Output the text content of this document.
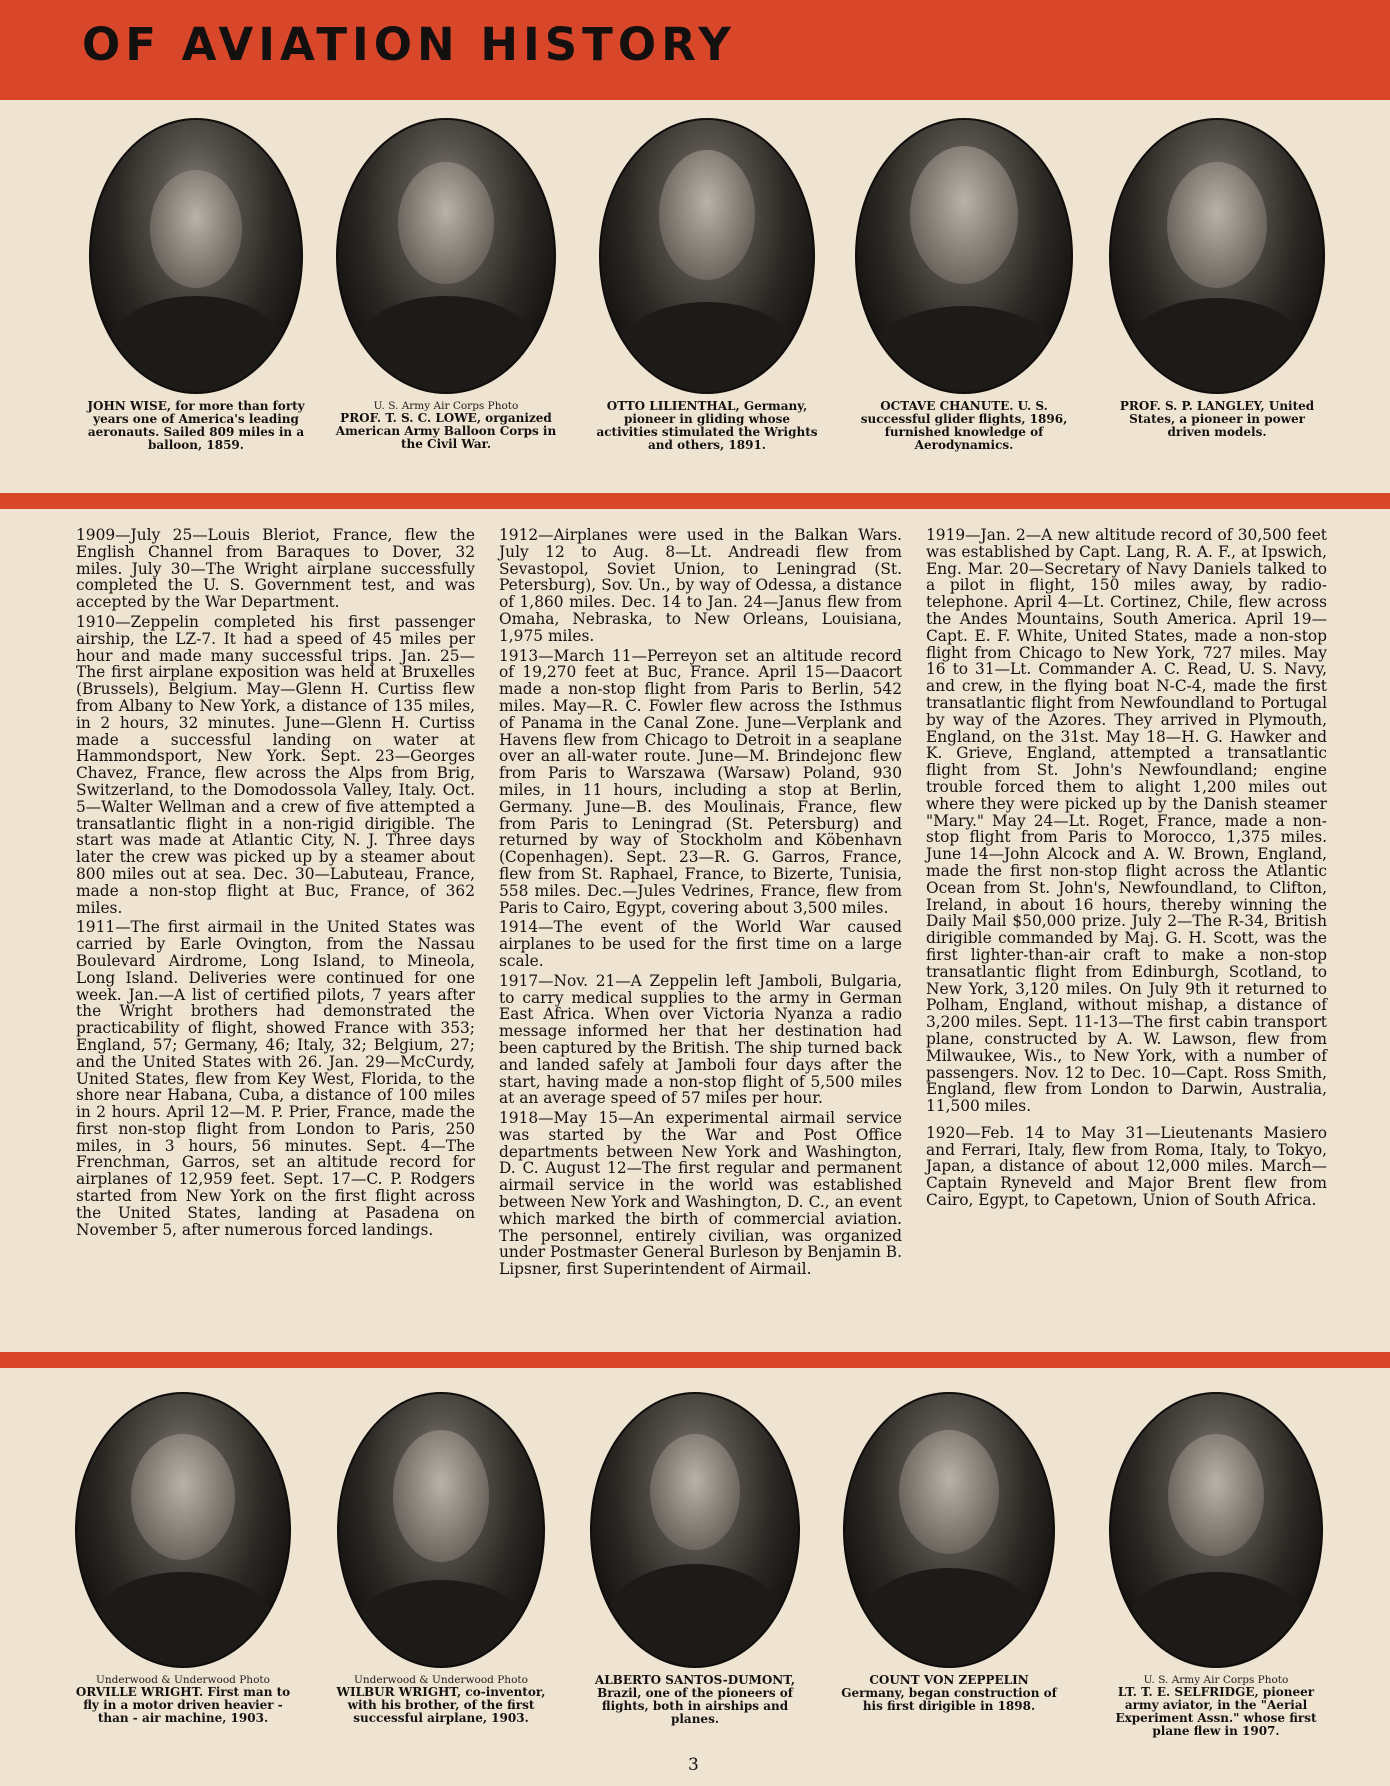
OF AVIATION HISTORY
JOHN WISE, for more than forty years one of America's leading aeronauts. Sailed 809 miles in a balloon, 1859.
U. S. Army Air Corps Photo
PROF. T. S. C. LOWE, organized American Army Balloon Corps in the Civil War.
OTTO LILIENTHAL, Germany, pioneer in gliding whose activities stimulated the Wrights and others, 1891.
OCTAVE CHANUTE. U. S. successful glider flights, 1896, furnished knowledge of Aerodynamics.
PROF. S. P. LANGLEY, United States, a pioneer in power driven models.

1909—July 25—Louis Bleriot, France, flew the English Channel from Baraques to Dover, 32 miles. July 30—The Wright airplane successfully completed the U. S. Government test, and was accepted by the War Department.

1910—Zeppelin completed his first passenger airship, the LZ-7. It had a speed of 45 miles per hour and made many successful trips. Jan. 25—The first airplane exposition was held at Bruxelles (Brussels), Belgium. May—Glenn H. Curtiss flew from Albany to New York, a distance of 135 miles, in 2 hours, 32 minutes. June—Glenn H. Curtiss made a successful landing on water at Hammondsport, New York. Sept. 23—Georges Chavez, France, flew across the Alps from Brig, Switzerland, to the Domodossola Valley, Italy. Oct. 5—Walter Wellman and a crew of five attempted a transatlantic flight in a non-rigid dirigible. The start was made at Atlantic City, N. J. Three days later the crew was picked up by a steamer about 800 miles out at sea. Dec. 30—Labuteau, France, made a non-stop flight at Buc, France, of 362 miles.

1911—The first airmail in the United States was carried by Earle Ovington, from the Nassau Boulevard Airdrome, Long Island, to Mineola, Long Island. Deliveries were continued for one week. Jan.—A list of certified pilots, 7 years after the Wright brothers had demonstrated the practicability of flight, showed France with 353; England, 57; Germany, 46; Italy, 32; Belgium, 27; and the United States with 26. Jan. 29—McCurdy, United States, flew from Key West, Florida, to the shore near Habana, Cuba, a distance of 100 miles in 2 hours. April 12—M. P. Prier, France, made the first non-stop flight from London to Paris, 250 miles, in 3 hours, 56 minutes. Sept. 4—The Frenchman, Garros, set an altitude record for airplanes of 12,959 feet. Sept. 17—C. P. Rodgers started from New York on the first flight across the United States, landing at Pasadena on November 5, after numerous forced landings.

1912—Airplanes were used in the Balkan Wars. July 12 to Aug. 8—Lt. Andreadi flew from Sevastopol, Soviet Union, to Leningrad (St. Petersburg), Sov. Un., by way of Odessa, a distance of 1,860 miles. Dec. 14 to Jan. 24—Janus flew from Omaha, Nebraska, to New Orleans, Louisiana, 1,975 miles.

1913—March 11—Perreyon set an altitude record of 19,270 feet at Buc, France. April 15—Daacort made a non-stop flight from Paris to Berlin, 542 miles. May—R. C. Fowler flew across the Isthmus of Panama in the Canal Zone. June—Verplank and Havens flew from Chicago to Detroit in a seaplane over an all-water route. June—M. Brindejonc flew from Paris to Warszawa (Warsaw) Poland, 930 miles, in 11 hours, including a stop at Berlin, Germany. June—B. des Moulinais, France, flew from Paris to Leningrad (St. Petersburg) and returned by way of Stockholm and Köbenhavn (Copenhagen). Sept. 23—R. G. Garros, France, flew from St. Raphael, France, to Bizerte, Tunisia, 558 miles. Dec.—Jules Vedrines, France, flew from Paris to Cairo, Egypt, covering about 3,500 miles.

1914—The event of the World War caused airplanes to be used for the first time on a large scale.

1917—Nov. 21—A Zeppelin left Jamboli, Bulgaria, to carry medical supplies to the army in German East Africa. When over Victoria Nyanza a radio message informed her that her destination had been captured by the British. The ship turned back and landed safely at Jamboli four days after the start, having made a non-stop flight of 5,500 miles at an average speed of 57 miles per hour.

1918—May 15—An experimental airmail service was started by the War and Post Office departments between New York and Washington, D. C. August 12—The first regular and permanent airmail service in the world was established between New York and Washington, D. C., an event which marked the birth of commercial aviation. The personnel, entirely civilian, was organized under Postmaster General Burleson by Benjamin B. Lipsner, first Superintendent of Airmail.

1919—Jan. 2—A new altitude record of 30,500 feet was established by Capt. Lang, R. A. F., at Ipswich, Eng. Mar. 20—Secretary of Navy Daniels talked to a pilot in flight, 150 miles away, by radio-telephone. April 4—Lt. Cortinez, Chile, flew across the Andes Mountains, South America. April 19—Capt. E. F. White, United States, made a non-stop flight from Chicago to New York, 727 miles. May 16 to 31—Lt. Commander A. C. Read, U. S. Navy, and crew, in the flying boat N-C-4, made the first transatlantic flight from Newfoundland to Portugal by way of the Azores. They arrived in Plymouth, England, on the 31st. May 18—H. G. Hawker and K. Grieve, England, attempted a transatlantic flight from St. John's Newfoundland; engine trouble forced them to alight 1,200 miles out where they were picked up by the Danish steamer "Mary." May 24—Lt. Roget, France, made a non-stop flight from Paris to Morocco, 1,375 miles. June 14—John Alcock and A. W. Brown, England, made the first non-stop flight across the Atlantic Ocean from St. John's, Newfoundland, to Clifton, Ireland, in about 16 hours, thereby winning the Daily Mail $50,000 prize. July 2—The R-34, British dirigible commanded by Maj. G. H. Scott, was the first lighter-than-air craft to make a non-stop transatlantic flight from Edinburgh, Scotland, to New York, 3,120 miles. On July 9th it returned to Polham, England, without mishap, a distance of 3,200 miles. Sept. 11-13—The first cabin transport plane, constructed by A. W. Lawson, flew from Milwaukee, Wis., to New York, with a number of passengers. Nov. 12 to Dec. 10—Capt. Ross Smith, England, flew from London to Darwin, Australia, 11,500 miles.

1920—Feb. 14 to May 31—Lieutenants Masiero and Ferrari, Italy, flew from Roma, Italy, to Tokyo, Japan, a distance of about 12,000 miles. March—Captain Ryneveld and Major Brent flew from Cairo, Egypt, to Capetown, Union of South Africa.

Underwood & Underwood Photo
ORVILLE WRIGHT. First man to fly in a motor driven heavier - than - air machine, 1903.
Underwood & Underwood Photo
WILBUR WRIGHT, co-inventor, with his brother, of the first successful airplane, 1903.
ALBERTO SANTOS-DUMONT, Brazil, one of the pioneers of flights, both in airships and planes.
COUNT VON ZEPPELIN Germany, began construction of his first dirigible in 1898.
U. S. Army Air Corps Photo
LT. T. E. SELFRIDGE, pioneer army aviator, in the "Aerial Experiment Assn." whose first plane flew in 1907.
3
